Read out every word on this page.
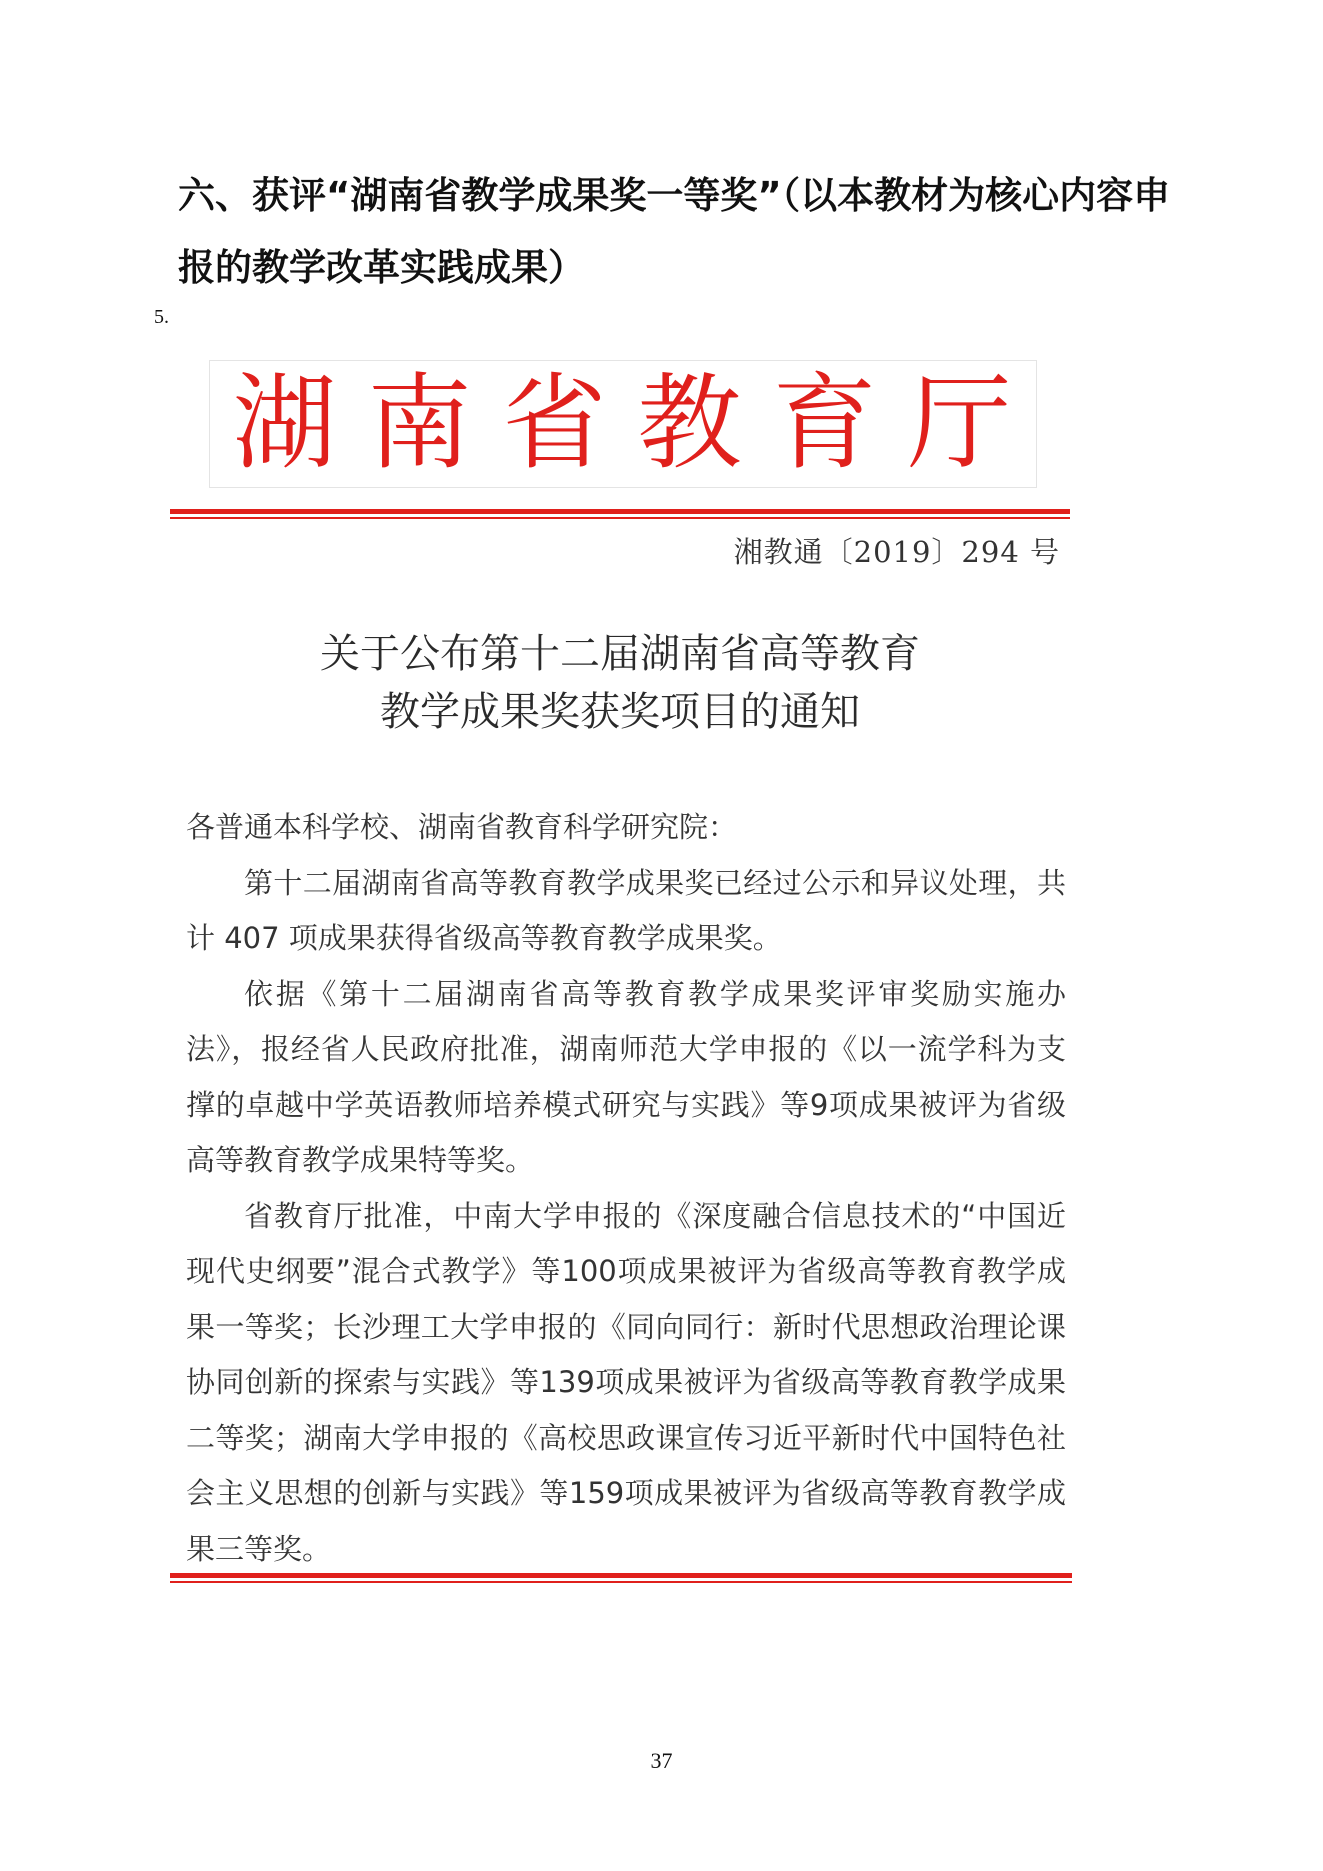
六、获评“湖南省教学成果奖一等奖”（以本教材为核心内容申报的教学改革实践成果）
5.
湖 南 省 教 育 厅
湘教通〔2019〕294 号
关于公布第十二届湖南省高等教育
教学成果奖获奖项目的通知

各普通本科学校、湖南省教育科学研究院：

第十二届湖南省高等教育教学成果奖已经过公示和异议处理，共计 407 项成果获得省级高等教育教学成果奖。

依据《第十二届湖南省高等教育教学成果奖评审奖励实施办法》，报经省人民政府批准，湖南师范大学申报的《以一流学科为支撑的卓越中学英语教师培养模式研究与实践》等9项成果被评为省级高等教育教学成果特等奖。

省教育厅批准，中南大学申报的《深度融合信息技术的“中国近现代史纲要”混合式教学》等100项成果被评为省级高等教育教学成果一等奖；长沙理工大学申报的《同向同行：新时代思想政治理论课协同创新的探索与实践》等139项成果被评为省级高等教育教学成果二等奖；湖南大学申报的《高校思政课宣传习近平新时代中国特色社会主义思想的创新与实践》等159项成果被评为省级高等教育教学成果三等奖。

37
